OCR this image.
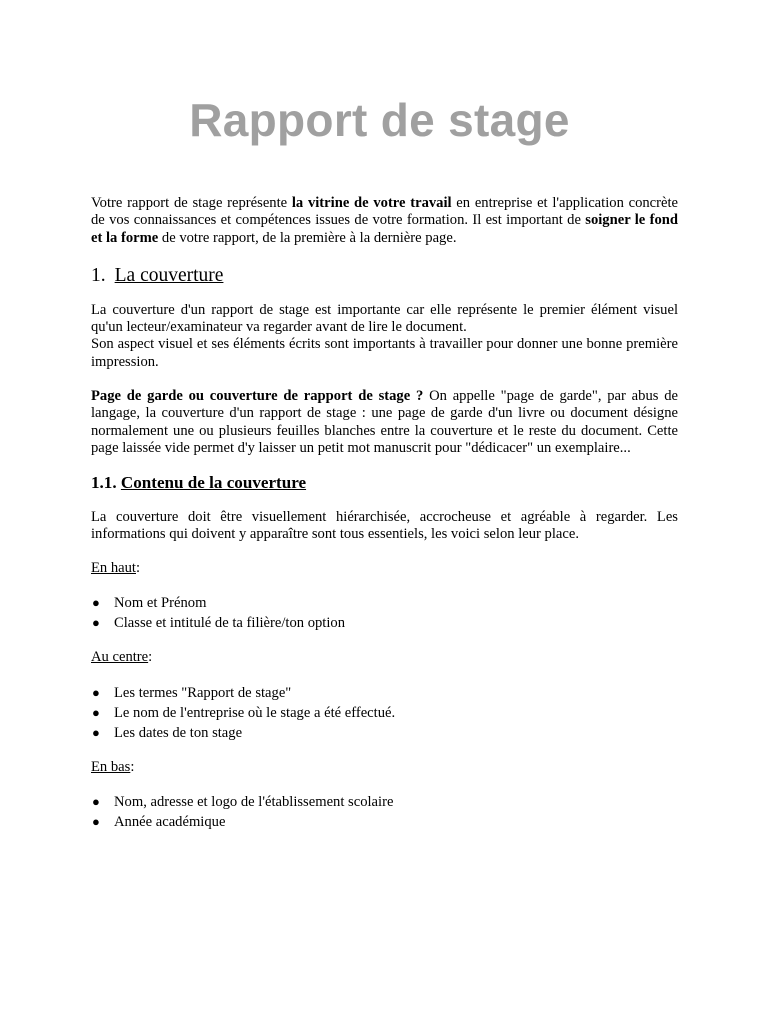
Rapport de stage

Votre rapport de stage représente la vitrine de votre travail en entreprise et l'application concrète de vos connaissances et compétences issues de votre formation. Il est important de soigner le fond et la forme de votre rapport, de la première à la dernière page.

1. La couverture

La couverture d'un rapport de stage est importante car elle représente le premier élément visuel qu'un lecteur/examinateur va regarder avant de lire le document.

Son aspect visuel et ses éléments écrits sont importants à travailler pour donner une bonne première impression.

Page de garde ou couverture de rapport de stage ? On appelle "page de garde", par abus de langage, la couverture d'un rapport de stage : une page de garde d'un livre ou document désigne normalement une ou plusieurs feuilles blanches entre la couverture et le reste du document. Cette page laissée vide permet d'y laisser un petit mot manuscrit pour "dédicacer" un exemplaire...

1.1. Contenu de la couverture

La couverture doit être visuellement hiérarchisée, accrocheuse et agréable à regarder. Les informations qui doivent y apparaître sont tous essentiels, les voici selon leur place.

En haut:

● Nom et Prénom
● Classe et intitulé de ta filière/ton option

Au centre:

● Les termes "Rapport de stage"
● Le nom de l'entreprise où le stage a été effectué.
● Les dates de ton stage

En bas:

● Nom, adresse et logo de l'établissement scolaire
● Année académique
